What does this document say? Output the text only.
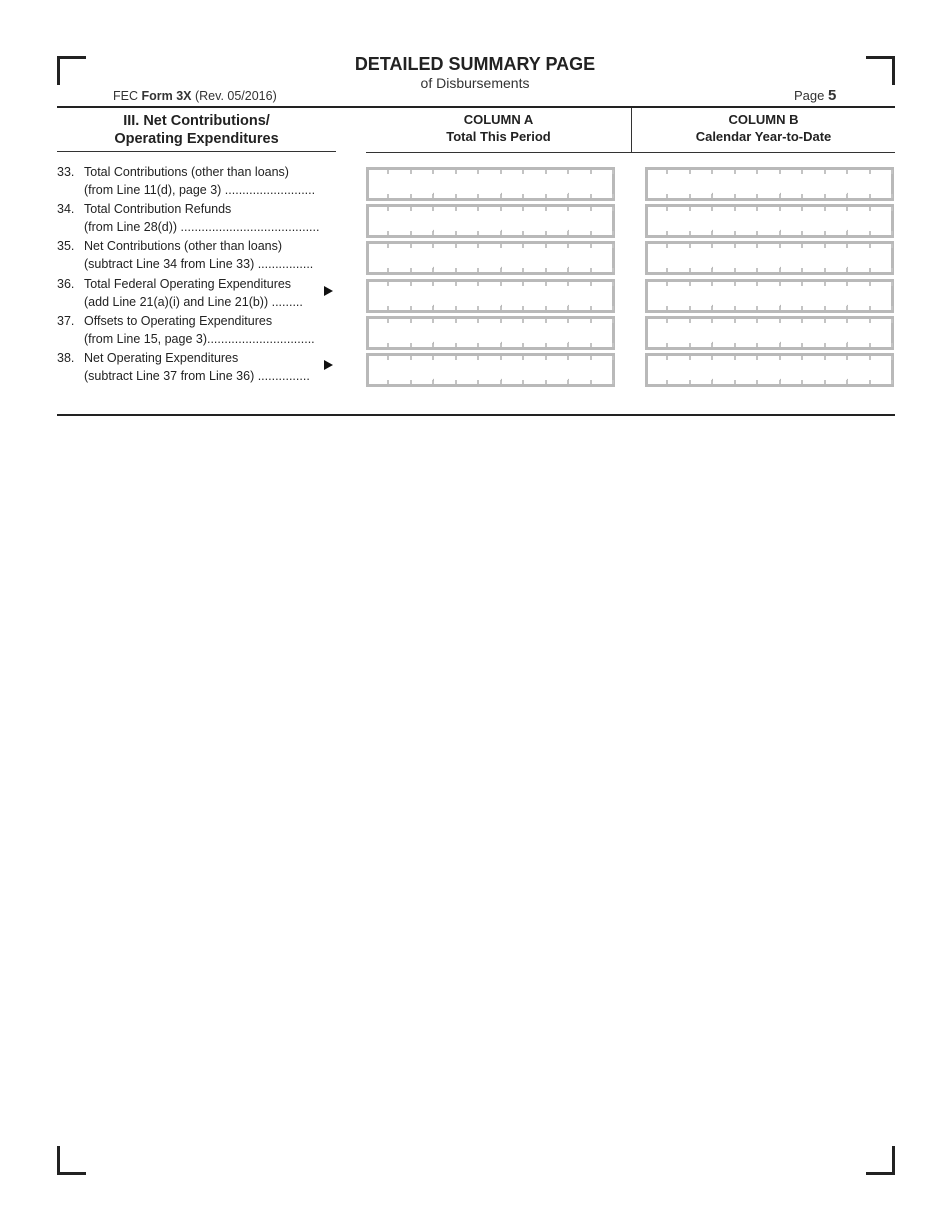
DETAILED SUMMARY PAGE
of Disbursements
FEC Form 3X (Rev. 05/2016)	Page 5
III. Net Contributions/
Operating Expenditures
COLUMN A
Total This Period
COLUMN B
Calendar Year-to-Date
33. Total Contributions (other than loans)
(from Line 11(d), page 3) ..........................	,	,	.	,	,	.
34. Total Contribution Refunds
(from Line 28(d)) ........................................	,	,	.	,	,	.
35. Net Contributions (other than loans)
(subtract Line 34 from Line 33) ................	,	,	.	,	,	.
36. Total Federal Operating Expenditures
(add Line 21(a)(i) and Line 21(b)) .........	,	,	.	,	,	.
37. Offsets to Operating Expenditures
(from Line 15, page 3)...............................	,	,	.	,	,	.
38. Net Operating Expenditures
(subtract Line 37 from Line 36) ...............	,	,	.	,	,	.
